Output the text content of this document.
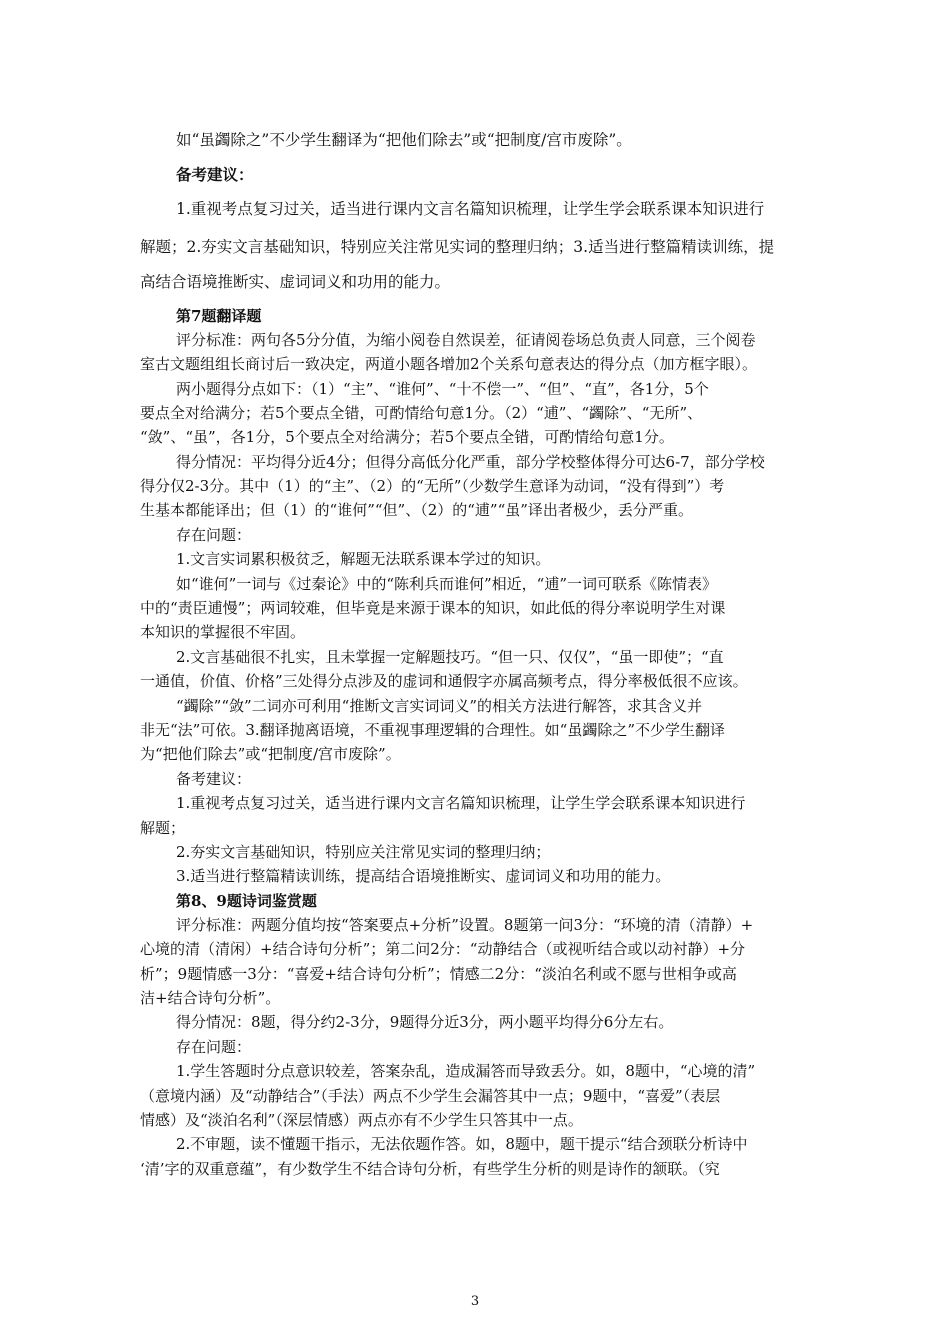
如“虽蠲除之”不少学生翻译为“把他们除去”或“把制度/宫市废除”。
备考建议：
1.重视考点复习过关，适当进行课内文言名篇知识梳理，让学生学会联系课本知识进行
解题；2.夯实文言基础知识，特别应关注常见实词的整理归纳；3.适当进行整篇精读训练，提
高结合语境推断实、虚词词义和功用的能力。
第7题翻译题
评分标准：两句各5分分值，为缩小阅卷自然误差，征请阅卷场总负责人同意，三个阅卷
室古文题组组长商讨后一致决定，两道小题各增加2个关系句意表达的得分点（加方框字眼）。
两小题得分点如下：（1）“主”、“谁何”、“十不偿一”、“但”、“直”，各1分，5个
要点全对给满分；若5个要点全错，可酌情给句意1分。（2）“逋”、“蠲除”、“无所”、
“敛”、“虽”，各1分，5个要点全对给满分；若5个要点全错，可酌情给句意1分。
得分情况：平均得分近4分；但得分高低分化严重，部分学校整体得分可达6-7，部分学校
得分仅2-3分。其中（1）的“主”、（2）的“无所”（少数学生意译为动词，“没有得到”）考
生基本都能译出；但（1）的“谁何”“但”、（2）的“逋”“虽”译出者极少，丢分严重。
存在问题：
1.文言实词累积极贫乏，解题无法联系课本学过的知识。
如“谁何”一词与《过秦论》中的“陈利兵而谁何”相近，“逋”一词可联系《陈情表》
中的“责臣逋慢”；两词较难，但毕竟是来源于课本的知识，如此低的得分率说明学生对课
本知识的掌握很不牢固。
2.文言基础很不扎实，且未掌握一定解题技巧。“但一只、仅仅”，“虽一即使”；“直
一通值，价值、价格”三处得分点涉及的虚词和通假字亦属高频考点，得分率极低很不应该。
“蠲除”“敛”二词亦可利用“推断文言实词词义”的相关方法进行解答，求其含义并
非无“法”可依。3.翻译抛离语境，不重视事理逻辑的合理性。如“虽蠲除之”不少学生翻译
为“把他们除去”或“把制度/宫市废除”。
备考建议：
1.重视考点复习过关，适当进行课内文言名篇知识梳理，让学生学会联系课本知识进行
解题；
2.夯实文言基础知识，特别应关注常见实词的整理归纳；
3.适当进行整篇精读训练，提高结合语境推断实、虚词词义和功用的能力。
第8、9题诗词鉴赏题
评分标准：两题分值均按“答案要点+分析”设置。8题第一问3分：“环境的清（清静）+
心境的清（清闲）+结合诗句分析”；第二问2分：“动静结合（或视听结合或以动衬静）+分
析”；9题情感一3分：“喜爱+结合诗句分析”；情感二2分：“淡泊名利或不愿与世相争或高
洁+结合诗句分析”。
得分情况：8题，得分约2-3分，9题得分近3分，两小题平均得分6分左右。
存在问题：
1.学生答题时分点意识较差，答案杂乱，造成漏答而导致丢分。如，8题中，“心境的清”
（意境内涵）及“动静结合”（手法）两点不少学生会漏答其中一点；9题中，“喜爱”（表层
情感）及“淡泊名利”（深层情感）两点亦有不少学生只答其中一点。
2.不审题，读不懂题干指示，无法依题作答。如，8题中，题干提示“结合颈联分析诗中
‘清’字的双重意蕴”，有少数学生不结合诗句分析，有些学生分析的则是诗作的颔联。（究
3
